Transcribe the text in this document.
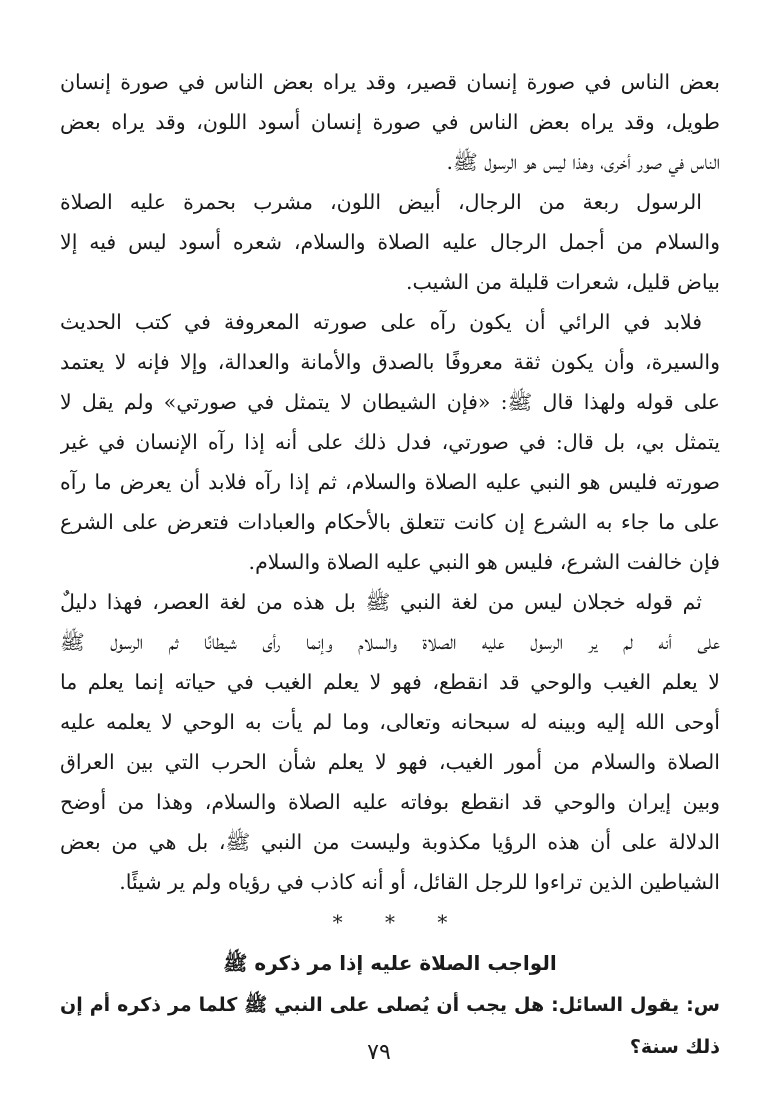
بعض الناس في صورة إنسان قصير، وقد يراه بعض الناس في صورة إنسان
طويل، وقد يراه بعض الناس في صورة إنسان أسود اللون، وقد يراه بعض
الناس في صور أخرى، وهذا ليس هو الرسول ﷺ.
الرسول ربعة من الرجال، أبيض اللون، مشرب بحمرة عليه الصلاة
والسلام من أجمل الرجال عليه الصلاة والسلام، شعره أسود ليس فيه إلا
بياض قليل، شعرات قليلة من الشيب.
فلابد في الرائي أن يكون رآه على صورته المعروفة في كتب الحديث
والسيرة، وأن يكون ثقة معروفًا بالصدق والأمانة والعدالة، وإلا فإنه لا يعتمد
على قوله ولهذا قال ﷺ: «فإن الشيطان لا يتمثل في صورتي» ولم يقل لا
يتمثل بي، بل قال: في صورتي، فدل ذلك على أنه إذا رآه الإنسان في غير
صورته فليس هو النبي عليه الصلاة والسلام، ثم إذا رآه فلابد أن يعرض ما رآه
على ما جاء به الشرع إن كانت تتعلق بالأحكام والعبادات فتعرض على الشرع
فإن خالفت الشرع، فليس هو النبي عليه الصلاة والسلام.
ثم قوله خجلان ليس من لغة النبي ﷺ بل هذه من لغة العصر، فهذا دليلٌ
على أنه لم ير الرسول عليه الصلاة والسلام وإنما رأى شيطانًا ثم الرسول ﷺ
لا يعلم الغيب والوحي قد انقطع، فهو لا يعلم الغيب في حياته إنما يعلم ما
أوحى الله إليه وبينه له سبحانه وتعالى، وما لم يأت به الوحي لا يعلمه عليه
الصلاة والسلام من أمور الغيب، فهو لا يعلم شأن الحرب التي بين العراق
وبين إيران والوحي قد انقطع بوفاته عليه الصلاة والسلام، وهذا من أوضح
الدلالة على أن هذه الرؤيا مكذوبة وليست من النبي ﷺ، بل هي من بعض
الشياطين الذين تراءوا للرجل القائل، أو أنه كاذب في رؤياه ولم ير شيئًا.
* * *
الواجب الصلاة عليه إذا مر ذكره ﷺ
س: يقول السائل: هل يجب أن يُصلى على النبي ﷺ كلما مر ذكره أم إن
ذلك سنة؟
٧٩
